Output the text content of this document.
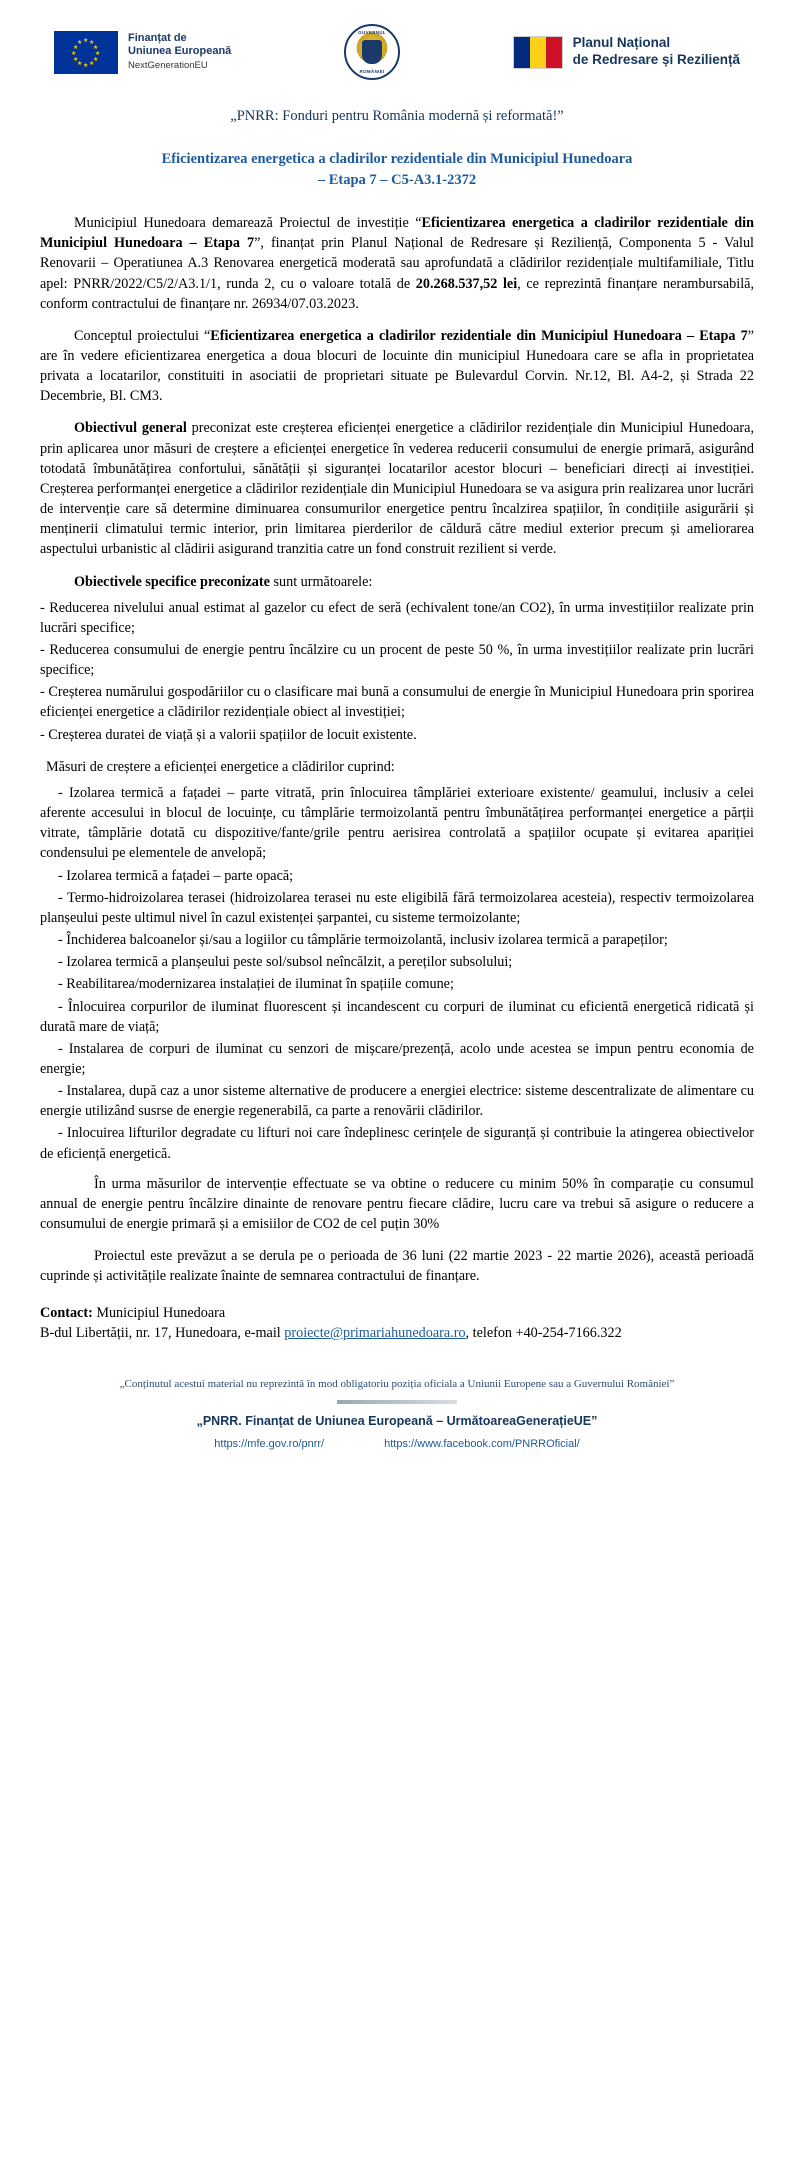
★ ★
★
★
★
★
★
★
★
★
★
★	Finanțat de
Uniunea Europeană
NextGenerationEU
GUVERNUL
ROMÂNIEI
Planul Național
de Redresare și Reziliență
„PNRR: Fonduri pentru România modernă și reformată!”
Eficientizarea energetica a cladirilor rezidentiale din Municipiul Hunedoara
– Etapa 7 – C5-A3.1-2372

Municipiul Hunedoara demarează Proiectul de investiție “Eficientizarea energetica a cladirilor rezidentiale din Municipiul Hunedoara – Etapa 7”, finanțat prin Planul Național de Redresare și Reziliență, Componenta 5 - Valul Renovarii – Operatiunea A.3 Renovarea energetică moderată sau aprofundată a clădirilor rezidențiale multifamiliale, Titlu apel: PNRR/2022/C5/2/A3.1/1, runda 2, cu o valoare totală de 20.268.537,52 lei, ce reprezintă finanțare nerambursabilă, conform contractului de finanțare nr. 26934/07.03.2023.

Conceptul proiectului “Eficientizarea energetica a cladirilor rezidentiale din Municipiul Hunedoara – Etapa 7” are în vedere eficientizarea energetica a doua blocuri de locuinte din municipiul Hunedoara care se afla in proprietatea privata a locatarilor, constituiti in asociatii de proprietari situate pe Bulevardul Corvin. Nr.12, Bl. A4-2, și Strada 22 Decembrie, Bl. CM3.

Obiectivul general preconizat este creșterea eficienței energetice a clădirilor rezidențiale din Municipiul Hunedoara, prin aplicarea unor măsuri de creștere a eficienței energetice în vederea reducerii consumului de energie primară, asigurând totodată îmbunătățirea confortului, sănătății și siguranței locatarilor acestor blocuri – beneficiari direcți ai investiției. Creșterea performanței energetice a clădirilor rezidențiale din Municipiul Hunedoara se va asigura prin realizarea unor lucrări de intervenție care să determine diminuarea consumurilor energetice pentru încalzirea spațiilor, în condițiile asigurării și menținerii climatului termic interior, prin limitarea pierderilor de căldură către mediul exterior precum și ameliorarea aspectului urbanistic al clădirii asigurand tranzitia catre un fond construit rezilient si verde.

Obiectivele specifice preconizate sunt următoarele:

- Reducerea nivelului anual estimat al gazelor cu efect de seră (echivalent tone/an CO2), în urma investițiilor realizate prin lucrări specifice;
- Reducerea consumului de energie pentru încălzire cu un procent de peste 50 %, în urma investițiilor realizate prin lucrări specifice;
- Creșterea numărului gospodăriilor cu o clasificare mai bună a consumului de energie în Municipiul Hunedoara prin sporirea eficienței energetice a clădirilor rezidențiale obiect al investiției;
- Creșterea duratei de viață și a valorii spațiilor de locuit existente.

Măsuri de creștere a eficienței energetice a clădirilor cuprind:

- Izolarea termică a fațadei – parte vitrată, prin înlocuirea tâmplăriei exterioare existente/ geamului, inclusiv a celei aferente accesului in blocul de locuințe, cu tâmplărie termoizolantă pentru îmbunătățirea performanței energetice a părții vitrate, tâmplărie dotată cu dispozitive/fante/grile pentru aerisirea controlată a spațiilor ocupate și evitarea apariției condensului pe elementele de anvelopă;
- Izolarea termică a fațadei – parte opacă;
- Termo-hidroizolarea terasei (hidroizolarea terasei nu este eligibilă fără termoizolarea acesteia), respectiv termoizolarea planșeului peste ultimul nivel în cazul existenței șarpantei, cu sisteme termoizolante;
- Închiderea balcoanelor și/sau a logiilor cu tâmplărie termoizolantă, inclusiv izolarea termică a parapeților;
- Izolarea termică a planșeului peste sol/subsol neîncălzit, a pereților subsolului;
- Reabilitarea/modernizarea instalației de iluminat în spațiile comune;
- Înlocuirea corpurilor de iluminat fluorescent și incandescent cu corpuri de iluminat cu eficientă energetică ridicată și durată mare de viață;
- Instalarea de corpuri de iluminat cu senzori de mișcare/prezență, acolo unde acestea se impun pentru economia de energie;
- Instalarea, după caz a unor sisteme alternative de producere a energiei electrice: sisteme descentralizate de alimentare cu energie utilizând susrse de energie regenerabilă, ca parte a renovării clădirilor.
- Inlocuirea lifturilor degradate cu lifturi noi care îndeplinesc cerințele de siguranță și contribuie la atingerea obiectivelor de eficiență energetică.

În urma măsurilor de intervenție effectuate se va obtine o reducere cu minim 50% în comparație cu consumul annual de energie pentru încălzire dinainte de renovare pentru fiecare clădire, lucru care va trebui să asigure o reducere a consumului de energie primară și a emisiilor de CO2 de cel puțin 30%

Proiectul este prevăzut a se derula pe o perioada de 36 luni (22 martie 2023 - 22 martie 2026), această perioadă cuprinde și activitățile realizate înainte de semnarea contractului de finanțare.

Contact: Municipiul Hunedoara
B-dul Libertății, nr. 17, Hunedoara, e-mail proiecte@primariahunedoara.ro, telefon +40-254-7166.322
„Conținutul acestui material nu reprezintă în mod obligatoriu poziția oficiala a Uniunii Europene sau a Guvernului României”
„PNRR. Finanțat de Uniunea Europeană – UrmătoareaGenerațieUE”
https://mfe.gov.ro/pnrr/	https://www.facebook.com/PNRROficial/
